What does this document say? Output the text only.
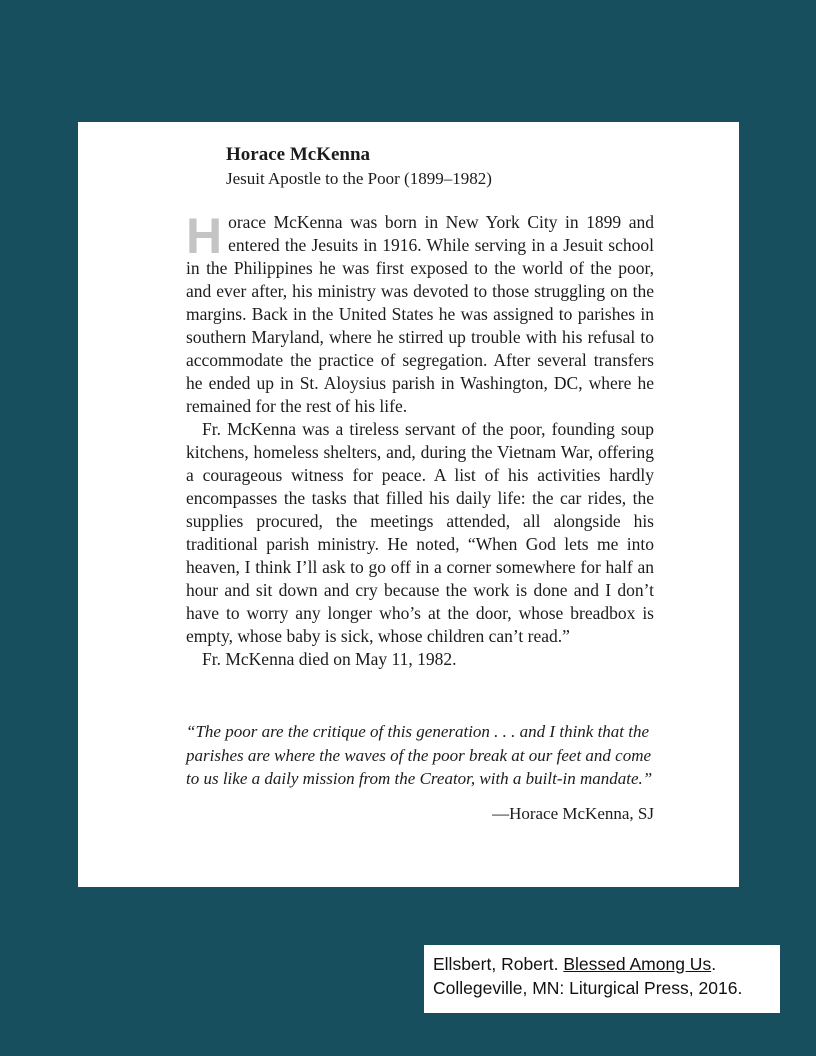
Horace McKenna
Jesuit Apostle to the Poor (1899–1982)

Horace McKenna was born in New York City in 1899 and entered the Jesuits in 1916. While serving in a Jesuit school in the Philippines he was first exposed to the world of the poor, and ever after, his ministry was devoted to those struggling on the margins. Back in the United States he was assigned to parishes in southern Maryland, where he stirred up trouble with his refusal to accommodate the practice of segregation. After several transfers he ended up in St. Aloysius parish in Washington, DC, where he remained for the rest of his life.

Fr. McKenna was a tireless servant of the poor, founding soup kitchens, homeless shelters, and, during the Vietnam War, offering a courageous witness for peace. A list of his activities hardly encompasses the tasks that filled his daily life: the car rides, the supplies procured, the meetings attended, all alongside his traditional parish ministry. He noted, “When God lets me into heaven, I think I’ll ask to go off in a corner somewhere for half an hour and sit down and cry because the work is done and I don’t have to worry any longer who’s at the door, whose breadbox is empty, whose baby is sick, whose children can’t read.”

Fr. McKenna died on May 11, 1982.

“The poor are the critique of this generation . . . and I think that the parishes are where the waves of the poor break at our feet and come to us like a daily mission from the Creator, with a built-in mandate.”
—Horace McKenna, SJ
Ellsbert, Robert. Blessed Among Us.
Collegeville, MN: Liturgical Press, 2016.
